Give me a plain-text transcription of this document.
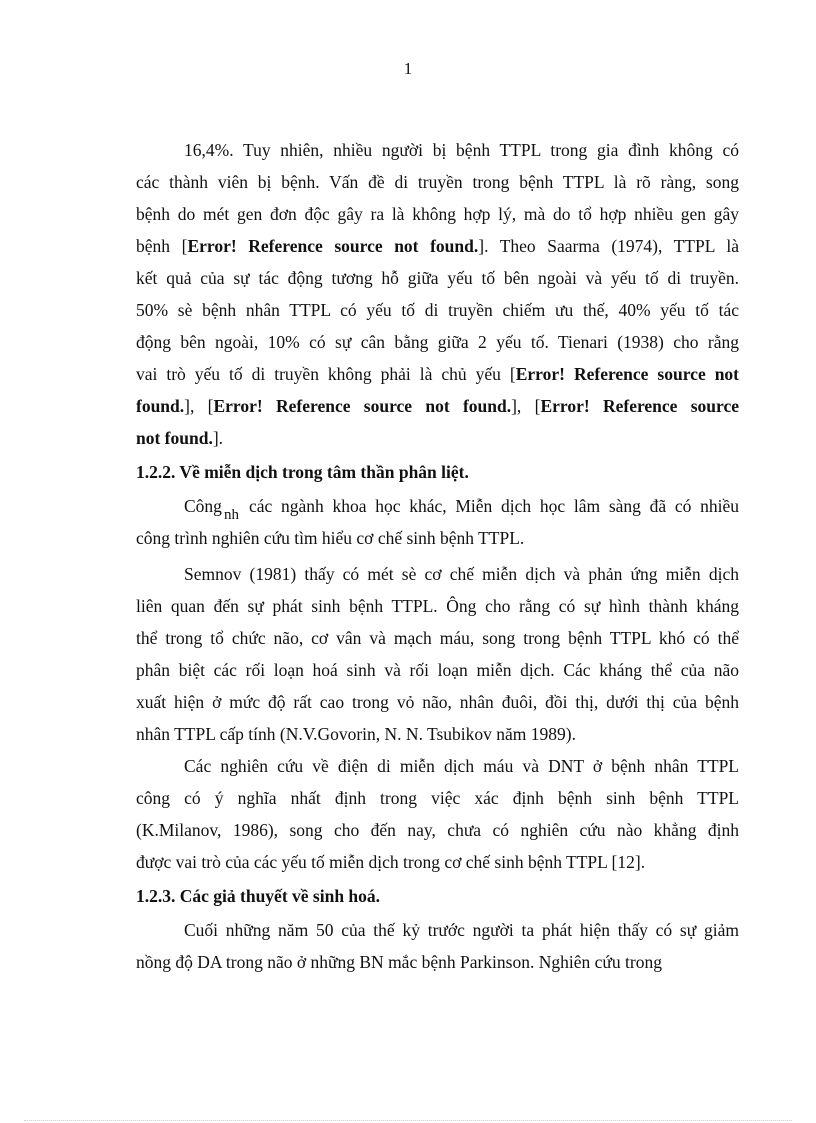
1
16,4%. Tuy nhiên, nhiều người bị bệnh TTPL trong gia đình không có
các thành viên bị bệnh. Vấn đề di truyền trong bệnh TTPL là rõ ràng, song
bệnh do mét gen đơn độc gây ra là không hợp lý, mà do tổ hợp nhiều gen gây
bệnh [Error! Reference source not found.]. Theo Saarma (1974), TTPL là
kết quả của sự tác động tương hỗ giữa yếu tố bên ngoài và yếu tố di truyền.
50% sè bệnh nhân TTPL có yếu tố di truyền chiếm ưu thế, 40% yếu tố tác
động bên ngoài, 10% có sự cân bằng giữa 2 yếu tố. Tienari (1938) cho rằng
vai trò yếu tố di truyền không phải là chủ yếu [Error! Reference source not
found.], [Error! Reference source not found.], [Error! Reference source
not found.].
1.2.2. Về miễn dịch trong tâm thần phân liệt.
Công nh các ngành khoa học khác, Miễn dịch học lâm sàng đã có nhiều
công trình nghiên cứu tìm hiểu cơ chế sinh bệnh TTPL.
Semnov (1981) thấy có mét sè cơ chế miễn dịch và phản ứng miễn dịch
liên quan đến sự phát sinh bệnh TTPL. Ông cho rằng có sự hình thành kháng
thể trong tổ chức não, cơ vân và mạch máu, song trong bệnh TTPL khó có thể
phân biệt các rối loạn hoá sinh và rối loạn miễn dịch. Các kháng thể của não
xuất hiện ở mức độ rất cao trong vỏ não, nhân đuôi, đồi thị, dưới thị của bệnh
nhân TTPL cấp tính (N.V.Govorin, N. N. Tsubikov năm 1989).
Các nghiên cứu về điện di miễn dịch máu và DNT ở bệnh nhân TTPL
công có ý nghĩa nhất định trong việc xác định bệnh sinh bệnh TTPL
(K.Milanov, 1986), song cho đến nay, chưa có nghiên cứu nào khẳng định
được vai trò của các yếu tố miễn dịch trong cơ chế sinh bệnh TTPL [12].
1.2.3. Các giả thuyết về sinh hoá.
Cuối những năm 50 của thế kỷ trước người ta phát hiện thấy có sự giảm
nồng độ DA trong não ở những BN mắc bệnh Parkinson. Nghiên cứu trong
